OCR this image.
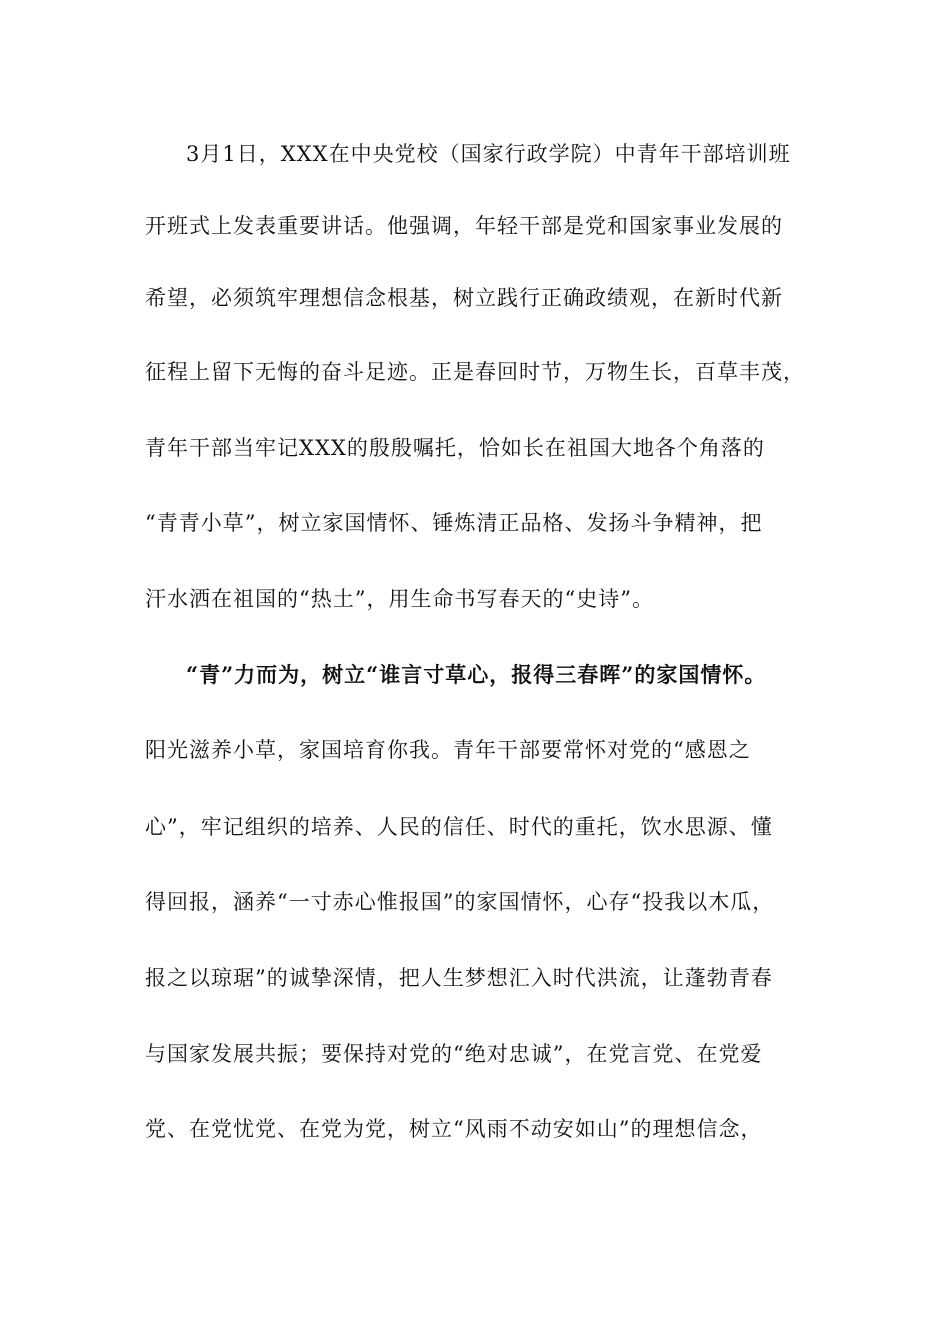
3月1日，XXX在中央党校（国家行政学院）中青年干部培训班
开班式上发表重要讲话。他强调，年轻干部是党和国家事业发展的
希望，必须筑牢理想信念根基，树立践行正确政绩观，在新时代新
征程上留下无悔的奋斗足迹。正是春回时节，万物生长，百草丰茂，
青年干部当牢记XXX的殷殷嘱托，恰如长在祖国大地各个角落的
“青青小草”，树立家国情怀、锤炼清正品格、发扬斗争精神，把
汗水洒在祖国的“热土”，用生命书写春天的“史诗”。
“青”力而为，树立“谁言寸草心，报得三春晖”的家国情怀。
阳光滋养小草，家国培育你我。青年干部要常怀对党的“感恩之
心”，牢记组织的培养、人民的信任、时代的重托，饮水思源、懂
得回报，涵养“一寸赤心惟报国”的家国情怀，心存“投我以木瓜，
报之以琼琚”的诚挚深情，把人生梦想汇入时代洪流，让蓬勃青春
与国家发展共振；要保持对党的“绝对忠诚”，在党言党、在党爱
党、在党忧党、在党为党，树立“风雨不动安如山”的理想信念，
